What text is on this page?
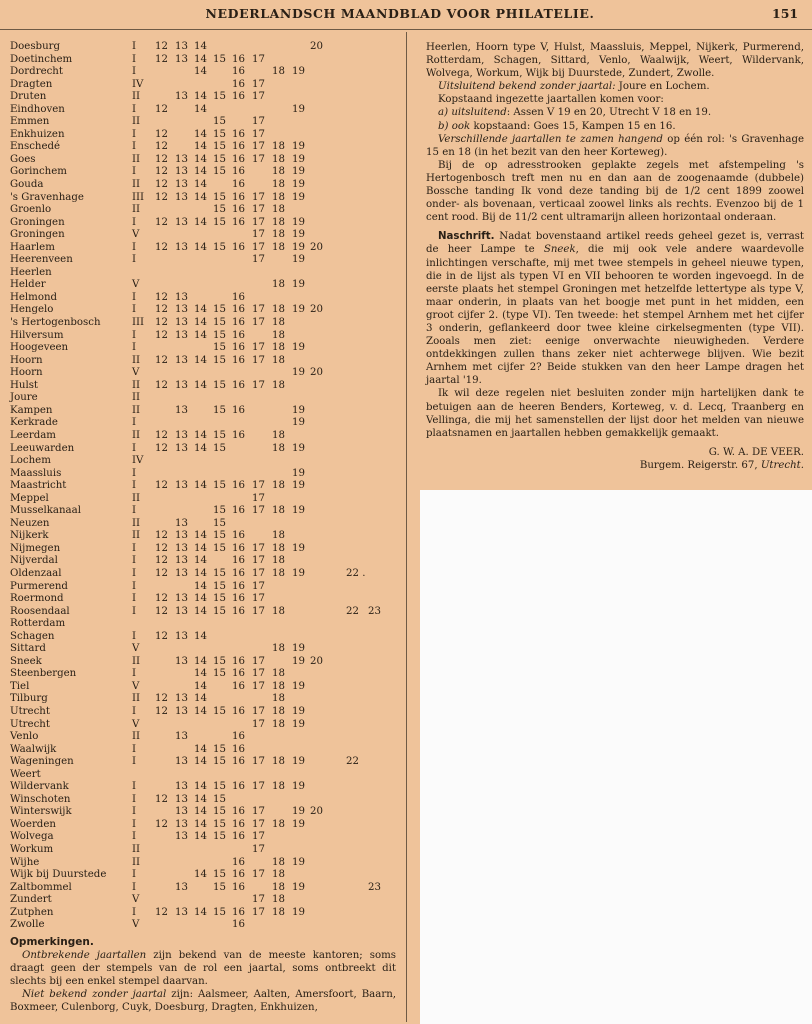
NEDERLANDSCH MAANDBLAD VOOR PHILATELIE.	151
Doesburg	I 12 13 14	20
Doetinchem	I 12 13 14 15 16 17
Dordrecht	I	14 16	18 19
Dragten	IV	16 17
Druten	II	13 14 15 16 17
Eindhoven	I 12	14	19
Emmen	II	15	17
Enkhuizen	I 12	14 15 16 17
Enschedé	I 12	14 15 16 17 18 19
Goes	II 12 13 14 15 16 17 18 19
Gorinchem	I 12 13 14 15 16	18 19
Gouda	II 12 13 14 16	18 19
's Gravenhage	III 12 13 14 15 16 17 18 19
Groenlo	II	15 16 17 18
Groningen	I 12 13 14 15 16 17 18 19
Groningen	V	17 18 19
Haarlem	I 12 13 14 15 16 17 18 19 20
Heerenveen	I	17	19
Heerlen
Helder	V	18 19
Helmond	I 12 13	16
Hengelo	I 12 13 14 15 16 17 18 19 20
's Hertogenbosch	III 12 13 14 15 16 17 18
Hilversum	I 12 13 14 15 16	18
Hoogeveen	I	15 16 17 18 19
Hoorn	II 12 13 14 15 16 17 18
Hoorn	V	19 20
Hulst	II 12 13 14 15 16 17 18
Joure	II
Kampen	II	13 15 16	19
Kerkrade	I	19
Leerdam	II 12 13 14 15 16	18
Leeuwarden	I 12 13 14 15	18 19
Lochem	IV
Maassluis	I	19
Maastricht	I 12 13 14 15 16 17 18 19
Meppel	II	17
Musselkanaal	I	15 16 17 18 19
Neuzen	II	13 15
Nijkerk	II 12 13 14 15 16	18
Nijmegen	I 12 13 14 15 16 17 18 19
Nijverdal	I 12 13 14 16 17 18
Oldenzaal	I 12 13 14 15 16 17 18 19	22 .
Purmerend	I	14 15 16 17
Roermond	I 12 13 14 15 16 17
Roosendaal	I 12 13 14 15 16 17 18	22 23
Rotterdam
Schagen	I 12 13 14
Sittard	V	18 19
Sneek	II	13 14 15 16 17	19 20
Steenbergen	I	14 15 16 17 18
Tiel	V	14 16 17 18 19
Tilburg	II 12 13 14	18
Utrecht	I 12 13 14 15 16 17 18 19
Utrecht	V	17 18 19
Venlo	II	13	16
Waalwijk	I	14 15 16
Wageningen	I	13 14 15 16 17 18 19	22
Weert
Wildervank	I	13 14 15 16 17 18 19
Winschoten	I 12 13 14 15
Winterswijk	I	13 14 15 16 17	19 20
Woerden	I 12 13 14 15 16 17 18 19
Wolvega	I	13 14 15 16 17
Workum	II	17
Wijhe	II	16	18 19
Wijk bij Duurstede	I	14 15 16 17 18
Zaltbommel	I	13 15 16	18 19	23
Zundert	V	17 18
Zutphen	I 12 13 14 15 16 17 18 19
Zwolle	V	16
Opmerkingen.
Ontbrekende jaartallen zijn bekend van de meeste kantoren; soms draagt geen der stempels van de rol een jaartal, soms ontbreekt dit slechts bij een enkel stempel daarvan.
Niet bekend zonder jaartal zijn: Aalsmeer, Aalten, Amersfoort, Baarn, Boxmeer, Culenborg, Cuyk, Doesburg, Dragten, Enkhuizen,

Heerlen, Hoorn type V, Hulst, Maassluis, Meppel, Nijkerk, Purmerend, Rotterdam, Schagen, Sittard, Venlo, Waalwijk, Weert, Wildervank, Wolvega, Workum, Wijk bij Duurstede, Zundert, Zwolle.

Uitsluitend bekend zonder jaartal: Joure en Lochem.

Kopstaand ingezette jaartallen komen voor:

a) uitsluitend: Assen V 19 en 20, Utrecht V 18 en 19.

b) ook kopstaand: Goes 15, Kampen 15 en 16.

Verschillende jaartallen te zamen hangend op één rol: 's Gravenhage 15 en 18 (in het bezit van den heer Korteweg).

Bij de op adresstrooken geplakte zegels met afstempeling 's Hertogenbosch treft men nu en dan aan de zoogenaamde (dubbele) Bossche tanding Ik vond deze tanding bij de 1/2 cent 1899 zoowel onder- als bovenaan, verticaal zoowel links als rechts. Evenzoo bij de 1 cent rood. Bij de 11/2 cent ultramarijn alleen horizontaal onderaan.

Naschrift. Nadat bovenstaand artikel reeds geheel gezet is, verrast de heer Lampe te Sneek, die mij ook vele andere waardevolle inlichtingen verschafte, mij met twee stempels in geheel nieuwe typen, die in de lijst als typen VI en VII behooren te worden ingevoegd. In de eerste plaats het stempel Groningen met hetzelfde lettertype als type V, maar onderin, in plaats van het boogje met punt in het midden, een groot cijfer 2. (type VI). Ten tweede: het stempel Arnhem met het cijfer 3 onderin, geflankeerd door twee kleine cirkelsegmenten (type VII). Zooals men ziet: eenige onverwachte nieuwigheden. Verdere ontdekkingen zullen thans zeker niet achterwege blijven. Wie bezit Arnhem met cijfer 2? Beide stukken van den heer Lampe dragen het jaartal '19.

Ik wil deze regelen niet besluiten zonder mijn hartelijken dank te betuigen aan de heeren Benders, Korteweg, v. d. Lecq, Traanberg en Vellinga, die mij het samenstellen der lijst door het melden van nieuwe plaatsnamen en jaartallen hebben gemakkelijk gemaakt.

G. W. A. DE VEER.

Burgem. Reigerstr. 67, Utrecht.
